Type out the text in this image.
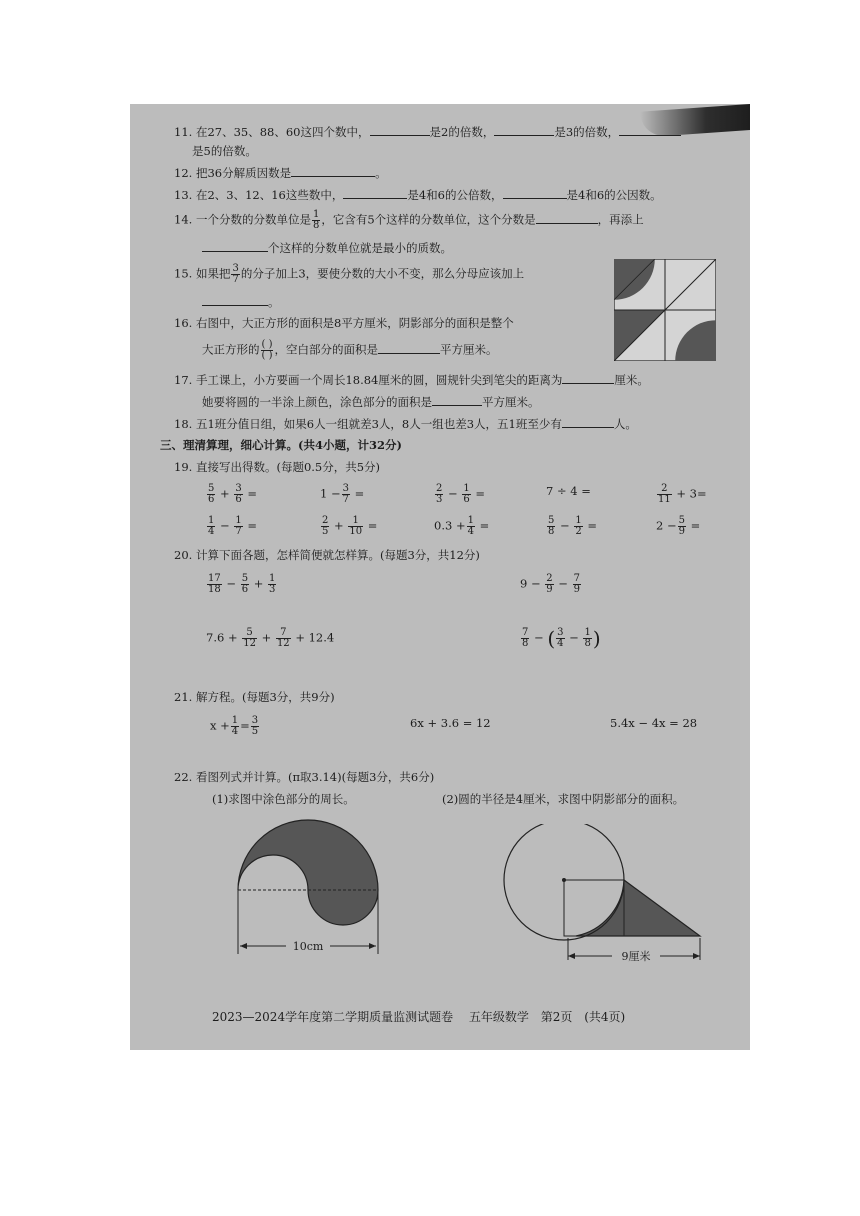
11. 在27、35、88、60这四个数中，	是2的倍数，	是3的倍数，
是5的倍数。
12. 把36分解质因数是	。
13. 在2、3、12、16这些数中，	是4和6的公倍数，	是4和6的公因数。
14. 一个分数的分数单位是 $\frac{1}{8}$ ，它含有5个这样的分数单位，这个分数是	，再添上
个这样的分数单位就是最小的质数。
15. 如果把 $\frac{3}{7}$ 的分子加上3，要使分数的大小不变，那么分母应该加上
。
16. 右图中，大正方形的面积是8平方厘米，阴影部分的面积是整个
大正方形的 $\frac{( )}{( )}$ ，空白部分的面积是	平方厘米。
17. 手工课上，小方要画一个周长18.84厘米的圆，圆规针尖到笔尖的距离为	厘米。
她要将圆的一半涂上颜色，涂色部分的面积是	平方厘米。
18. 五1班分值日组，如果6人一组就差3人，8人一组也差3人，五1班至少有	人。
三、理清算理，细心计算。(共4小题，计32分)
19. 直接写出得数。(每题0.5分，共5分)
$\frac{5}{6} + \frac{3}{6}$ =	$1 - \frac{3}{7}$ =	$\frac{2}{3} - \frac{1}{6}$ =	7 ÷ 4 =	$\frac{2}{11} + 3=$
$\frac{1}{4} - \frac{1}{7}$ =	$\frac{2}{5} + \frac{1}{10}$ =	$0.3 + \frac{1}{4}$ =	$\frac{5}{8} - \frac{1}{2}$ =	$2 - \frac{5}{9}$ =
20. 计算下面各题，怎样简便就怎样算。(每题3分，共12分)
$\frac{17}{18} - \frac{5}{6} + \frac{1}{3}$	$9 - \frac{2}{9} - \frac{7}{9}$
$7.6 + \frac{5}{12} + \frac{7}{12} + 12.4$	$\frac{7}{8}$ − ( $\frac{3}{4} - \frac{1}{8}$ )
21. 解方程。(每题3分，共9分)
$x + \frac{1}{4} = \frac{3}{5}$	6x + 3.6 = 12	5.4x − 4x = 28
22. 看图列式并计算。(π取3.14)(每题3分，共6分)
(1)求图中涂色部分的周长。	(2)圆的半径是4厘米，求图中阴影部分的面积。
10cm
9厘米
2023—2024学年度第二学期质量监测试题卷 五年级数学 第2页 (共4页)
